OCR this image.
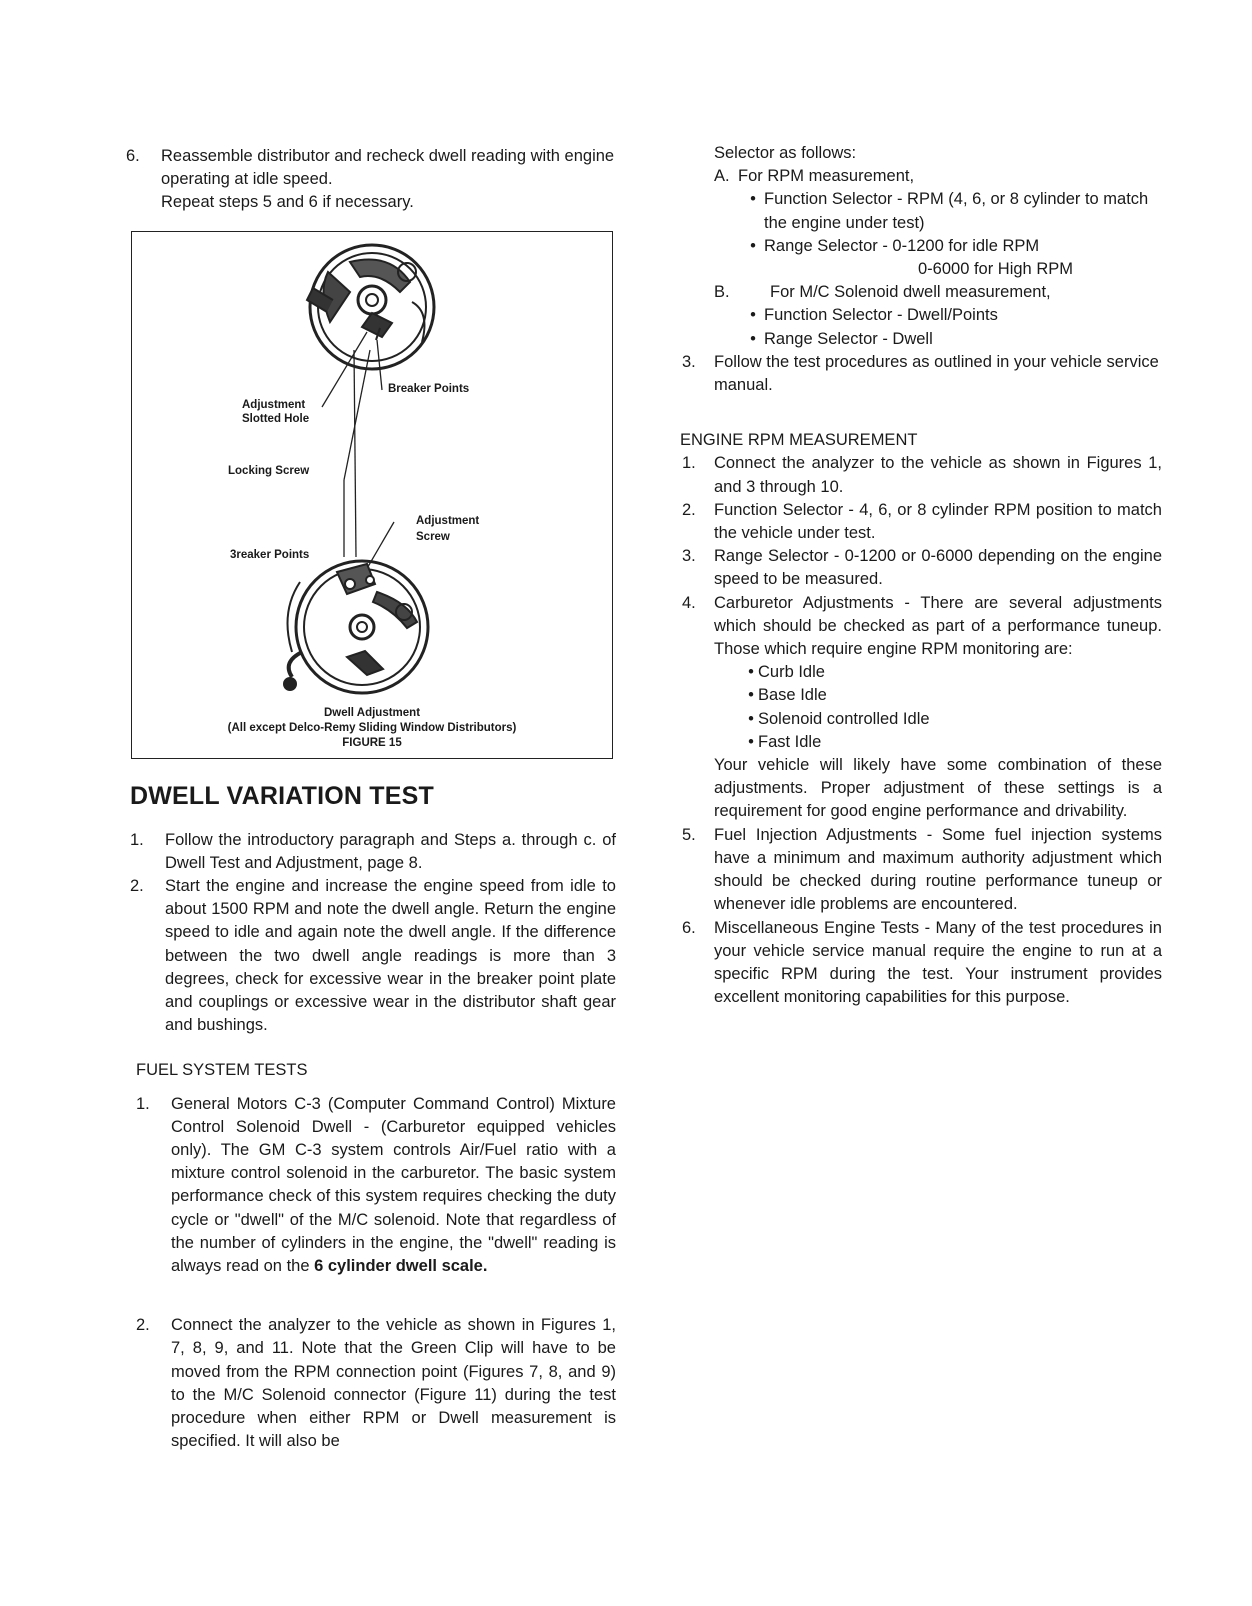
6.	Reassemble distributor and recheck dwell reading with engine operating at idle speed.
Repeat steps 5 and 6 if necessary.
Adjustment
Slotted Hole
Breaker Points
Locking Screw
Adjustment
Screw
3reaker Points
Dwell Adjustment
(All except Delco-Remy Sliding Window Distributors)
FIGURE 15
DWELL VARIATION TEST
1.	Follow the introductory paragraph and Steps a. through c. of Dwell Test and Adjustment, page 8.
2.	Start the engine and increase the engine speed from idle to about 1500 RPM and note the dwell angle. Return the engine speed to idle and again note the dwell angle. If the difference between the two dwell angle readings is more than 3 degrees, check for excessive wear in the breaker point plate and couplings or excessive wear in the distributor shaft gear and bushings.

FUEL SYSTEM TESTS

1.	General Motors C-3 (Computer Command Control) Mixture Control Solenoid Dwell - (Carburetor equipped vehicles only). The GM C-3 system controls Air/Fuel ratio with a mixture control solenoid in the carburetor. The basic system performance check of this system requires checking the duty cycle or "dwell" of the M/C solenoid. Note that regardless of the number of cylinders in the engine, the "dwell" reading is always read on the 6 cylinder dwell scale.
2.	Connect the analyzer to the vehicle as shown in Figures 1, 7, 8, 9, and 11. Note that the Green Clip will have to be moved from the RPM connection point (Figures 7, 8, and 9) to the M/C Solenoid connector (Figure 11) during the test procedure when either RPM or Dwell measurement is specified. It will also be

Selector as follows:

A. For RPM measurement,
• Function Selector - RPM (4, 6, or 8 cylinder to match the engine under test)
• Range Selector - 0-1200 for idle RPM
0-6000 for High RPM
B.	For M/C Solenoid dwell measurement,
• Function Selector - Dwell/Points
• Range Selector - Dwell
3.	Follow the test procedures as outlined in your vehicle service manual.

ENGINE RPM MEASUREMENT

1.	Connect the analyzer to the vehicle as shown in Figures 1, and 3 through 10.
2.	Function Selector - 4, 6, or 8 cylinder RPM position to match the vehicle under test.
3.	Range Selector - 0-1200 or 0-6000 depending on the engine speed to be measured.
4.	Carburetor Adjustments - There are several adjustments which should be checked as part of a performance tuneup. Those which require engine RPM monitoring are:
• Curb Idle
• Base Idle
• Solenoid controlled Idle
• Fast Idle
Your vehicle will likely have some combination of these adjustments. Proper adjustment of these settings is a requirement for good engine performance and drivability.
5.	Fuel Injection Adjustments - Some fuel injection systems have a minimum and maximum authority adjustment which should be checked during routine performance tuneup or whenever idle problems are encountered.
6.	Miscellaneous Engine Tests - Many of the test procedures in your vehicle service manual require the engine to run at a specific RPM during the test. Your instrument provides excellent monitoring capabilities for this purpose.
